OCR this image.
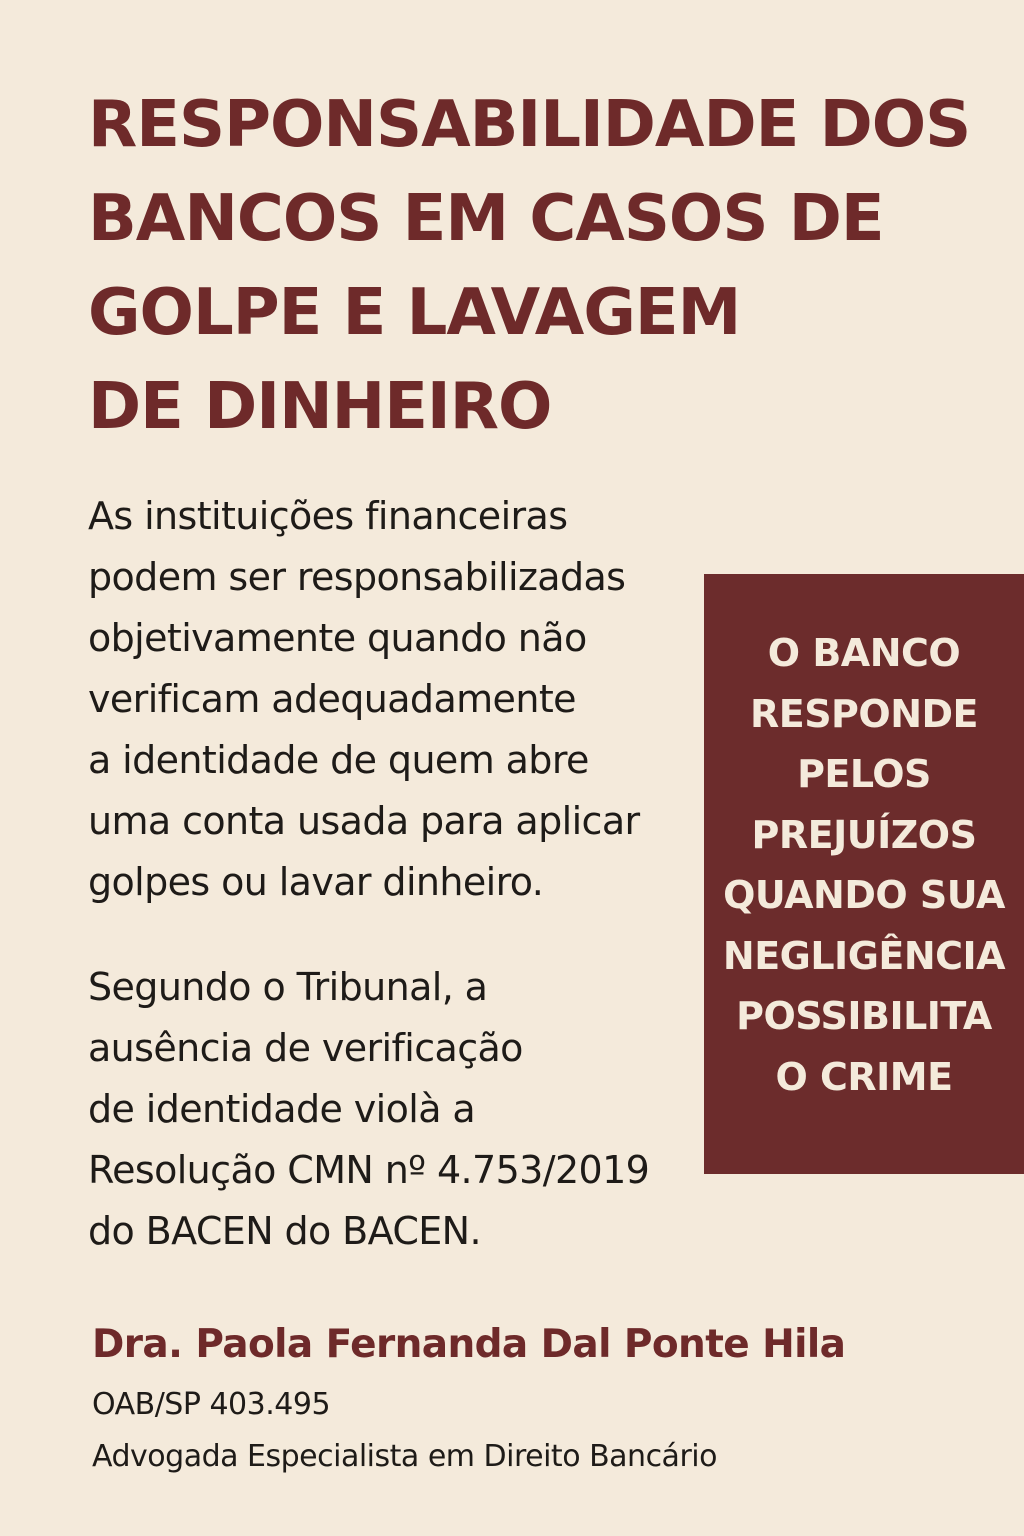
RESPONSABILIDADE DOS
BANCOS EM CASOS DE
GOLPE E LAVAGEM
DE DINHEIRO

As instituições financeiras
podem ser responsabilizadas
objetivamente quando não
verificam adequadamente
a identidade de quem abre
uma conta usada para aplicar
golpes ou lavar dinheiro.

Segundo o Tribunal, a
ausência de verificação
de identidade violà a
Resolução CMN nº 4.753/2019
do BACEN do BACEN.

O BANCO
RESPONDE
PELOS
PREJUÍZOS
QUANDO SUA
NEGLIGÊNCIA
POSSIBILITA
O CRIME
Dra. Paola Fernanda Dal Ponte Hila
OAB/SP 403.495
Advogada Especialista em Direito Bancário
